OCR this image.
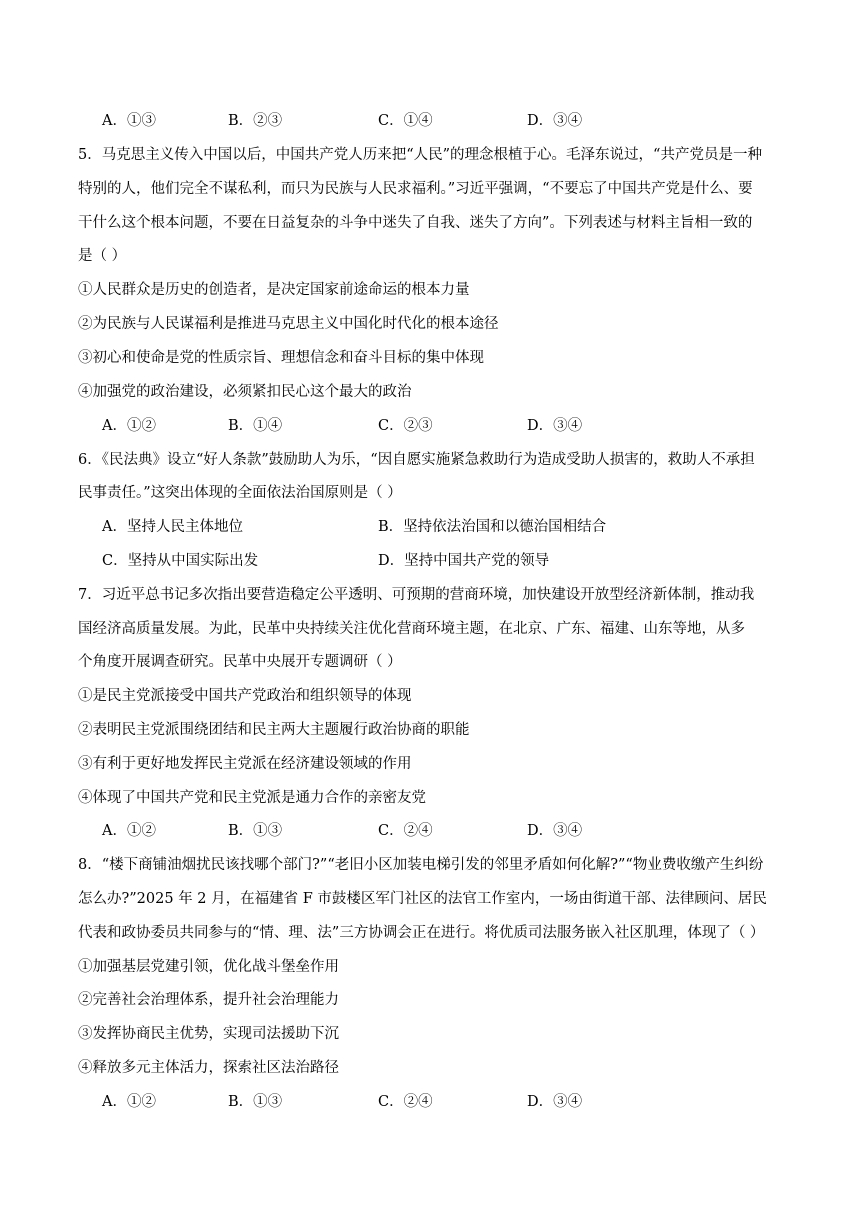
A．①③	B．②③	C．①④	D．③④
5．马克思主义传入中国以后，中国共产党人历来把“人民”的理念根植于心。毛泽东说过，“共产党员是一种
特别的人，他们完全不谋私利，而只为民族与人民求福利。”习近平强调，“不要忘了中国共产党是什么、要
干什么这个根本问题，不要在日益复杂的斗争中迷失了自我、迷失了方向”。下列表述与材料主旨相一致的
是（ ）
①人民群众是历史的创造者，是决定国家前途命运的根本力量
②为民族与人民谋福利是推进马克思主义中国化时代化的根本途径
③初心和使命是党的性质宗旨、理想信念和奋斗目标的集中体现
④加强党的政治建设，必须紧扣民心这个最大的政治
A．①②	B．①④	C．②③	D．③④
6．《民法典》设立“好人条款”鼓励助人为乐，“因自愿实施紧急救助行为造成受助人损害的，救助人不承担
民事责任。”这突出体现的全面依法治国原则是（ ）
A．坚持人民主体地位	B．坚持依法治国和以德治国相结合
C．坚持从中国实际出发	D．坚持中国共产党的领导
7．习近平总书记多次指出要营造稳定公平透明、可预期的营商环境，加快建设开放型经济新体制，推动我
国经济高质量发展。为此，民革中央持续关注优化营商环境主题，在北京、广东、福建、山东等地，从多
个角度开展调查研究。民革中央展开专题调研（ ）
①是民主党派接受中国共产党政治和组织领导的体现
②表明民主党派围绕团结和民主两大主题履行政治协商的职能
③有利于更好地发挥民主党派在经济建设领域的作用
④体现了中国共产党和民主党派是通力合作的亲密友党
A．①②	B．①③	C．②④	D．③④
8．“楼下商铺油烟扰民该找哪个部门?”“老旧小区加装电梯引发的邻里矛盾如何化解?”“物业费收缴产生纠纷
怎么办?”2025 年 2 月，在福建省 F 市鼓楼区军门社区的法官工作室内，一场由街道干部、法律顾问、居民
代表和政协委员共同参与的“情、理、法”三方协调会正在进行。将优质司法服务嵌入社区肌理，体现了（ ）
①加强基层党建引领，优化战斗堡垒作用
②完善社会治理体系，提升社会治理能力
③发挥协商民主优势，实现司法援助下沉
④释放多元主体活力，探索社区法治路径
A．①②	B．①③	C．②④	D．③④
